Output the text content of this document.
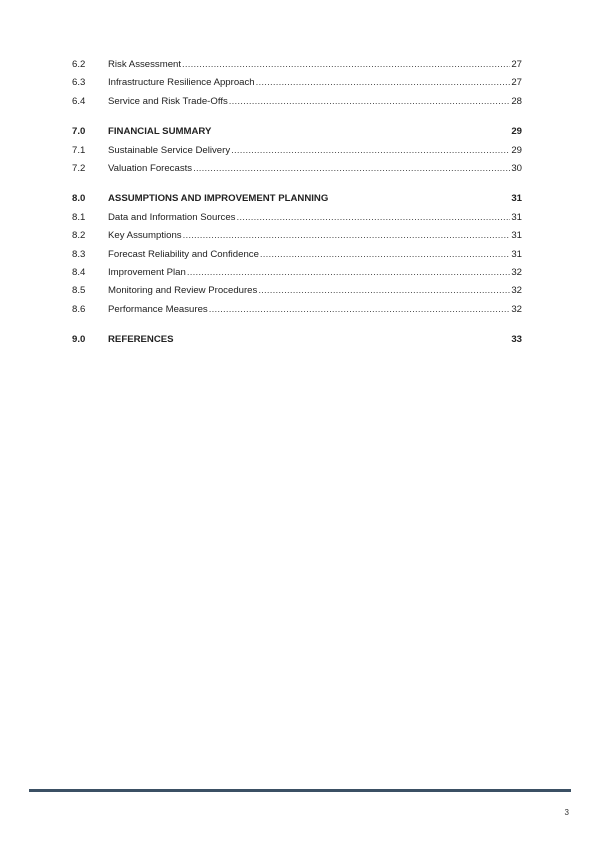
6.2	Risk Assessment .....	27
6.3	Infrastructure Resilience Approach .....	27
6.4	Service and Risk Trade-Offs .....	28
7.0	FINANCIAL SUMMARY	29
7.1	Sustainable Service Delivery .....	29
7.2	Valuation Forecasts .....	30
8.0	ASSUMPTIONS AND IMPROVEMENT PLANNING	31
8.1	Data and Information Sources .....	31
8.2	Key Assumptions .....	31
8.3	Forecast Reliability and Confidence .....	31
8.4	Improvement Plan .....	32
8.5	Monitoring and Review Procedures .....	32
8.6	Performance Measures .....	32
9.0	REFERENCES	33
3
